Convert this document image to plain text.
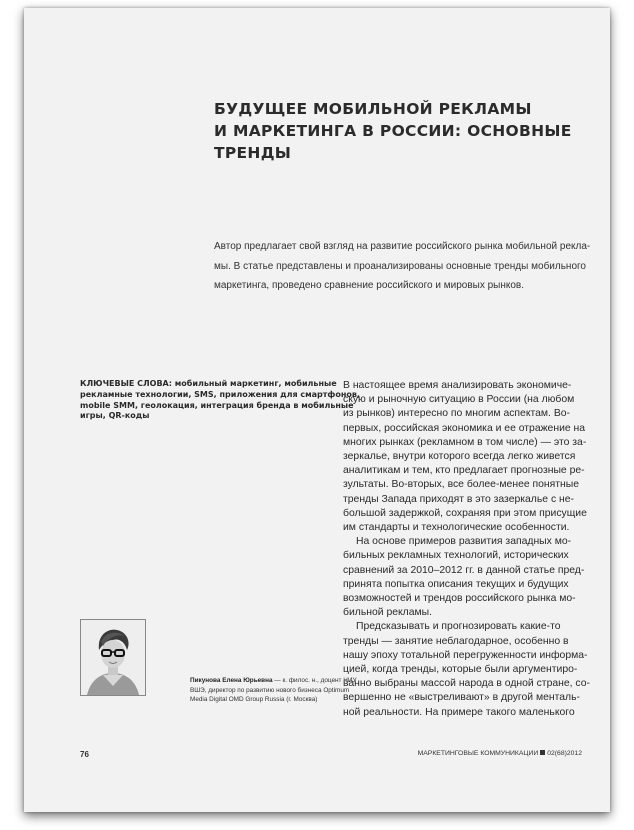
БУДУЩЕЕ МОБИЛЬНОЙ РЕКЛАМЫ
И МАРКЕТИНГА В РОССИИ: ОСНОВНЫЕ
ТРЕНДЫ
Автор предлагает свой взгляд на развитие российского рынка мобильной рекла-
мы. В статье представлены и проанализированы основные тренды мобильного
маркетинга, проведено сравнение российского и мировых рынков.
КЛЮЧЕВЫЕ СЛОВА: мобильный маркетинг, мобильные
рекламные технологии, SMS, приложения для смартфонов,
mobile SMM, геолокация, интеграция бренда в мобильные
игры, QR-коды
Пикунова Елена Юрьевна — к. филос. н., доцент НИУ
ВШЭ, директор по развитию нового бизнеса Optimum
Media Digital OMD Group Russia (г. Москва)
В настоящее время анализировать экономиче-
скую и рыночную ситуацию в России (на любом
из рынков) интересно по многим аспектам. Во-
первых, российская экономика и ее отражение на
многих рынках (рекламном в том числе) — это за-
зеркалье, внутри которого всегда легко живется
аналитикам и тем, кто предлагает прогнозные ре-
зультаты. Во-вторых, все более-менее понятные
тренды Запада приходят в это зазеркалье с не-
большой задержкой, сохраняя при этом присущие
им стандарты и технологические особенности.
На основе примеров развития западных мо-
бильных рекламных технологий, исторических
сравнений за 2010–2012 гг. в данной статье пред-
принята попытка описания текущих и будущих
возможностей и трендов российского рынка мо-
бильной рекламы.
Предсказывать и прогнозировать какие-то
тренды — занятие неблагодарное, особенно в
нашу эпоху тотальной перегруженности информа-
цией, когда тренды, которые были аргументиро-
ванно выбраны массой народа в одной стране, со-
вершенно не «выстреливают» в другой менталь-
ной реальности. На примере такого маленького
76	МАРКЕТИНГОВЫЕ КОММУНИКАЦИИ 02(68)2012
